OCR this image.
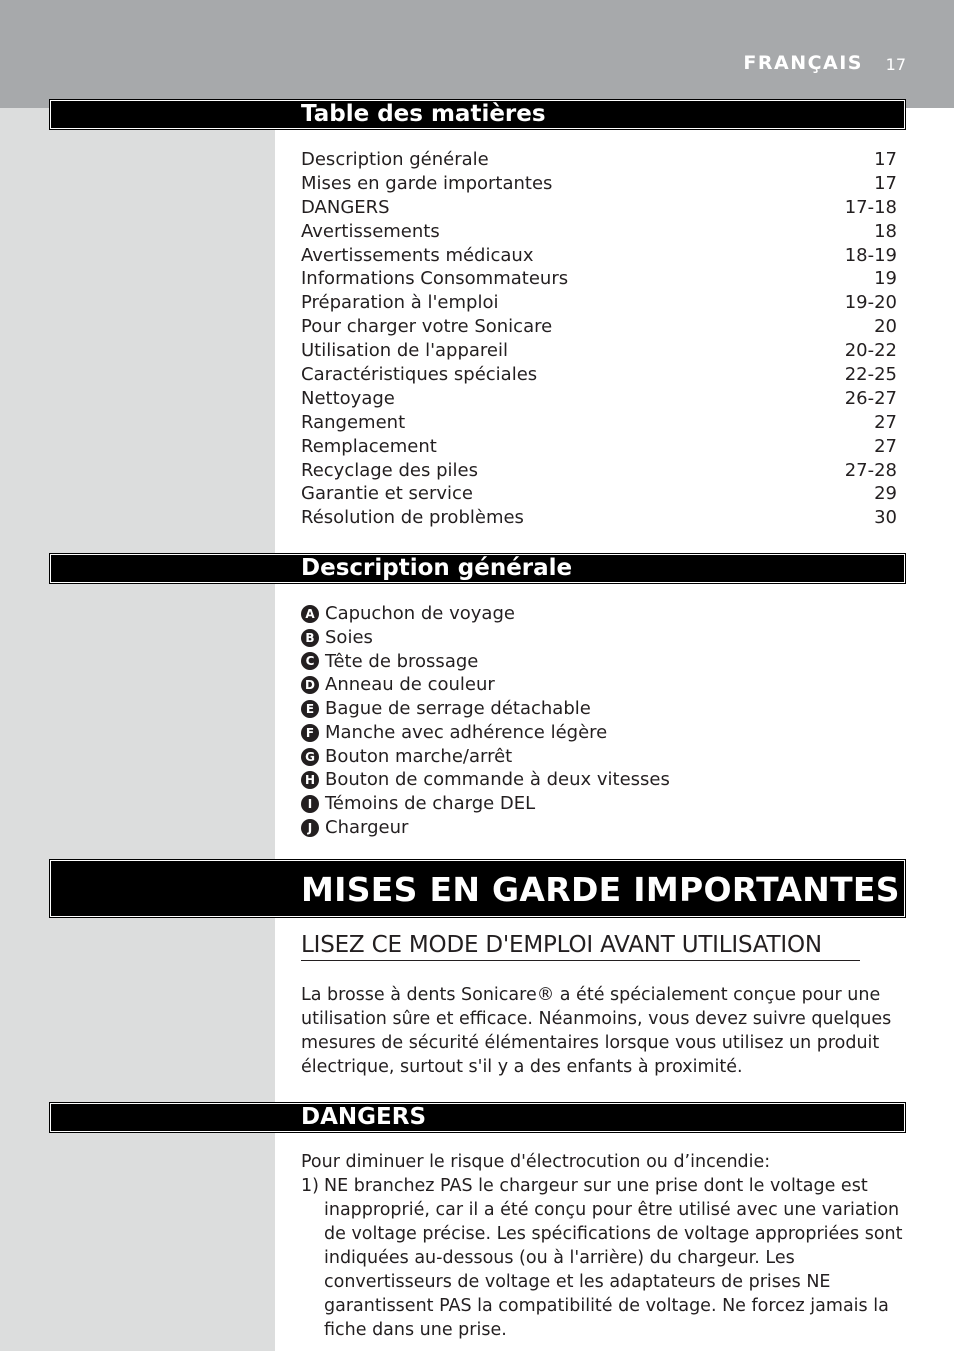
FRANÇAIS 17
Table des matières
Description générale	17
Mises en garde importantes	17
DANGERS	17-18
Avertissements	18
Avertissements médicaux	18-19
Informations Consommateurs	19
Préparation à l'emploi	19-20
Pour charger votre Sonicare	20
Utilisation de l'appareil	20-22
Caractéristiques spéciales	22-25
Nettoyage	26-27
Rangement	27
Remplacement	27
Recyclage des piles	27-28
Garantie et service	29
Résolution de problèmes	30
Description générale
A Capuchon de voyage
B Soies
C Tête de brossage
D Anneau de couleur
E Bague de serrage détachable
F Manche avec adhérence légère
G Bouton marche/arrêt
H Bouton de commande à deux vitesses
I Témoins de charge DEL
J Chargeur
MISES EN GARDE IMPORTANTES
LISEZ CE MODE D'EMPLOI AVANT UTILISATION

La brosse à dents Sonicare® a été spécialement conçue pour une utilisation sûre et efficace. Néanmoins, vous devez suivre quelques mesures de sécurité élémentaires lorsque vous utilisez un produit électrique, surtout s'il y a des enfants à proximité.

DANGERS

Pour diminuer le risque d'électrocution ou d’incendie:

1) NE branchez PAS le chargeur sur une prise dont le voltage est inapproprié, car il a été conçu pour être utilisé avec une variation de voltage précise. Les spécifications de voltage appropriées sont indiquées au-dessous (ou à l'arrière) du chargeur. Les convertisseurs de voltage et les adaptateurs de prises NE garantissent PAS la compatibilité de voltage. Ne forcez jamais la fiche dans une prise.
